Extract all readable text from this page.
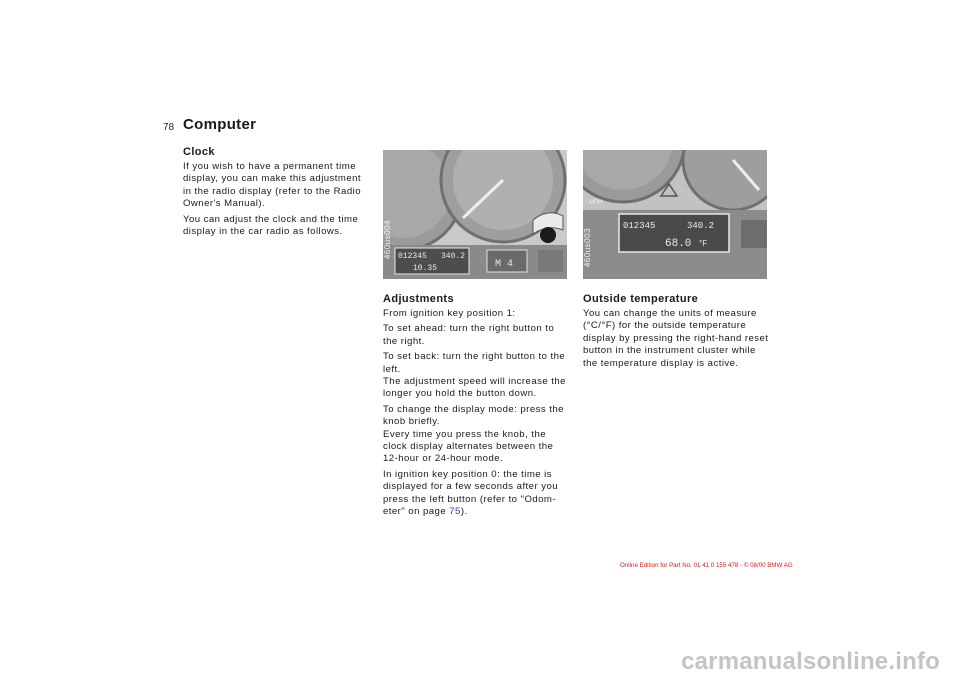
78 Computer

Clock

If you wish to have a permanent time
display, you can make this adjustment
in the radio display (refer to the Radio
Owner's Manual).

You can adjust the clock and the time
display in the car radio as follows.

012345 340.2
10.35	M 4
460us004
MPH
012345	340.2
68.0 °F
460us003

Adjustments

From ignition key position 1:

To set ahead: turn the right button to
the right.

To set back: turn the right button to the
left.
The adjustment speed will increase the
longer you hold the button down.

To change the display mode: press the
knob briefly.
Every time you press the knob, the
clock display alternates between the
12-hour or 24-hour mode.

In ignition key position 0: the time is
displayed for a few seconds after you
press the left button (refer to "Odom-
eter" on page 75).

Outside temperature

You can change the units of measure
(°C/°F) for the outside temperature
display by pressing the right-hand reset
button in the instrument cluster while
the temperature display is active.

Online Edition for Part No. 01 41 0 155 478 - © 08/00 BMW AG
carmanualsonline.info
